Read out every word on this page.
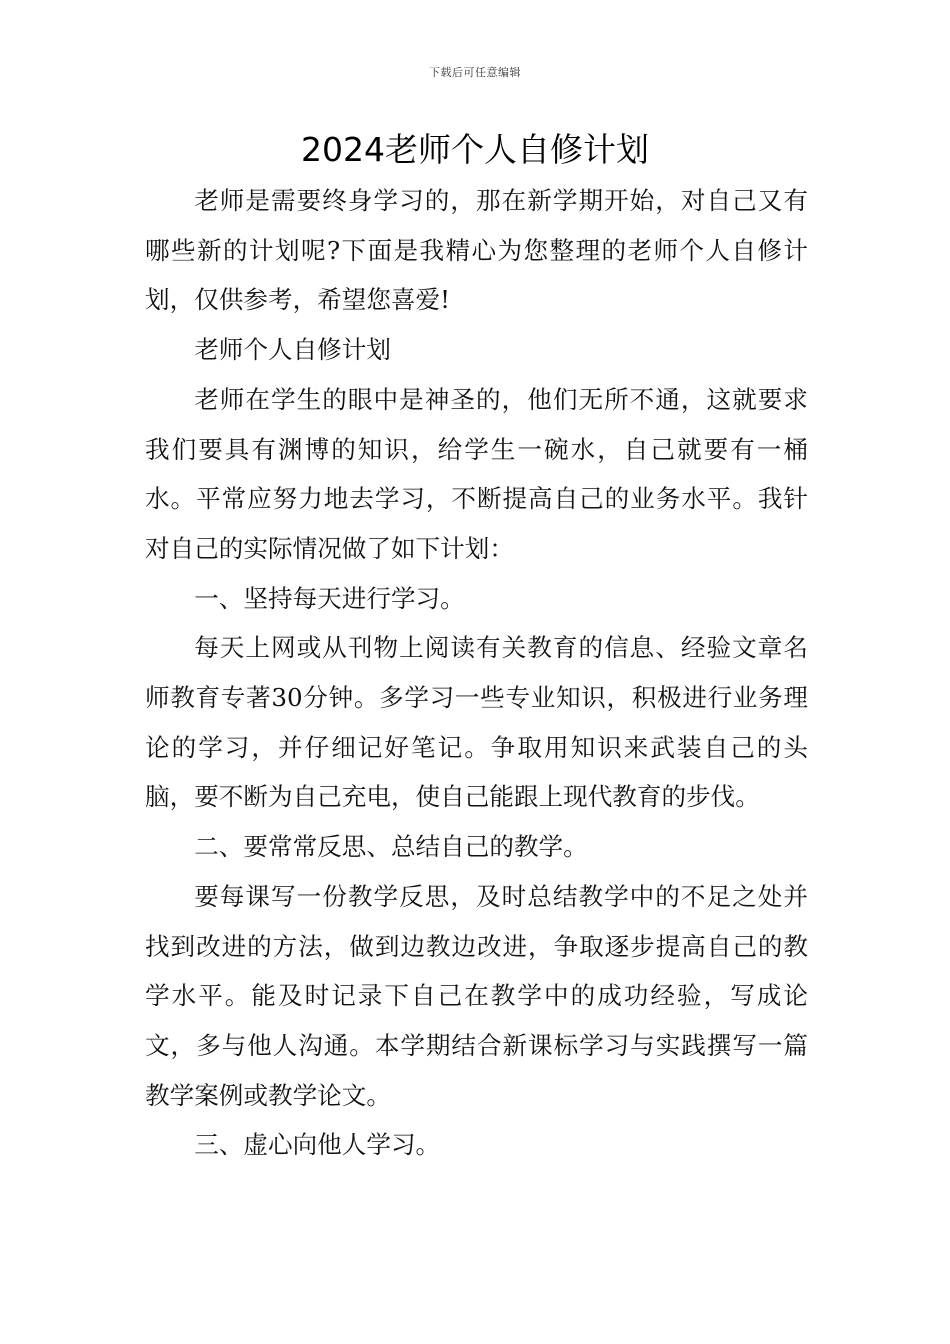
下载后可任意编辑
2024老师个人自修计划

老师是需要终身学习的，那在新学期开始，对自己又有哪些新的计划呢?下面是我精心为您整理的老师个人自修计划，仅供参考，希望您喜爱!

老师个人自修计划

老师在学生的眼中是神圣的，他们无所不通，这就要求我们要具有渊博的知识，给学生一碗水，自己就要有一桶水。平常应努力地去学习，不断提高自己的业务水平。我针对自己的实际情况做了如下计划：

一、坚持每天进行学习。

每天上网或从刊物上阅读有关教育的信息、经验文章名师教育专著30分钟。多学习一些专业知识，积极进行业务理论的学习，并仔细记好笔记。争取用知识来武装自己的头脑，要不断为自己充电，使自己能跟上现代教育的步伐。

二、要常常反思、总结自己的教学。

要每课写一份教学反思，及时总结教学中的不足之处并找到改进的方法，做到边教边改进，争取逐步提高自己的教学水平。能及时记录下自己在教学中的成功经验，写成论文，多与他人沟通。本学期结合新课标学习与实践撰写一篇教学案例或教学论文。

三、虚心向他人学习。
